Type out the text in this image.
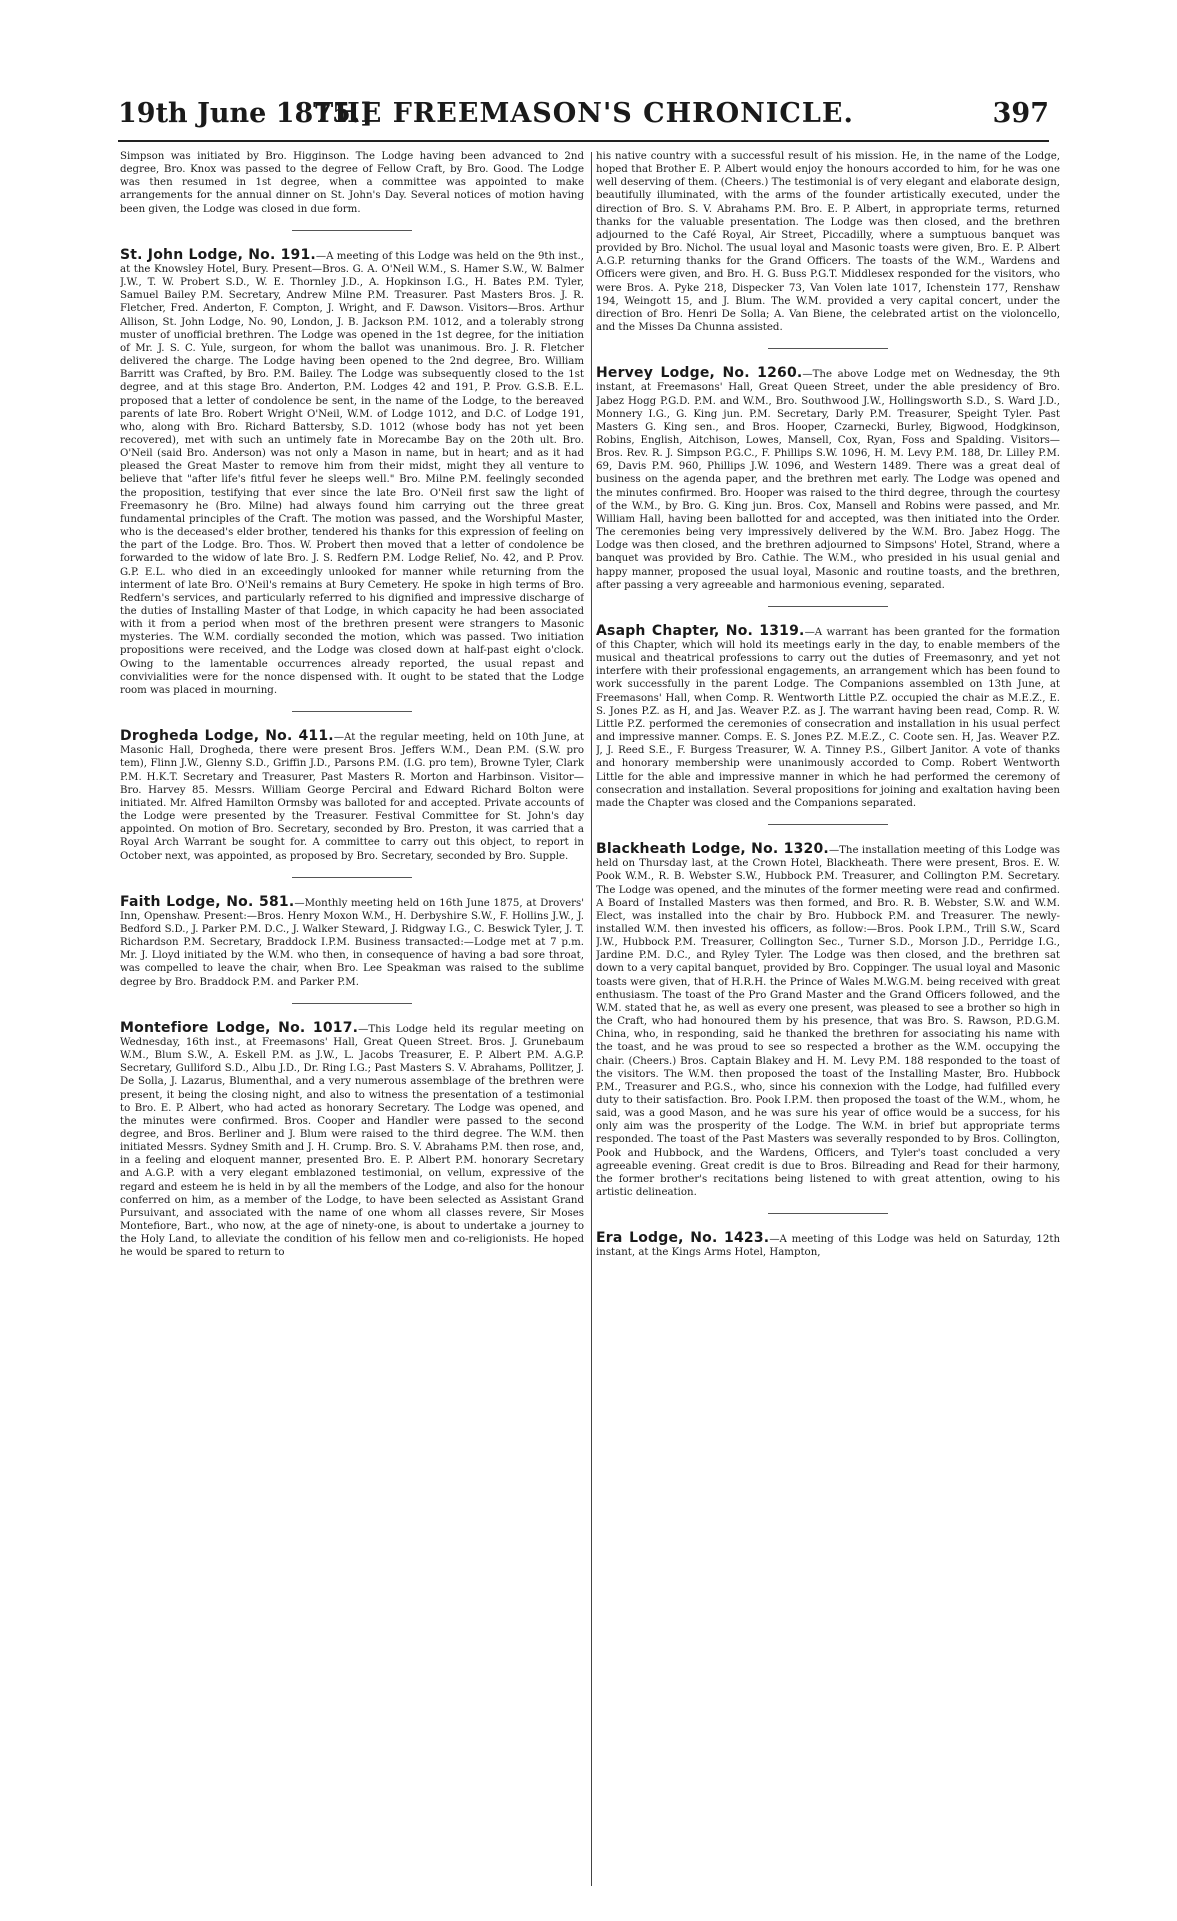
19th June 1875.]
THE FREEMASON'S CHRONICLE.	397

Simpson was initiated by Bro. Higginson. The Lodge having been advanced to 2nd degree, Bro. Knox was passed to the degree of Fellow Craft, by Bro. Good. The Lodge was then resumed in 1st degree, when a committee was appointed to make arrangements for the annual dinner on St. John's Day. Several notices of motion having been given, the Lodge was closed in due form.

St. John Lodge, No. 191.—A meeting of this Lodge was held on the 9th inst., at the Knowsley Hotel, Bury. Present—Bros. G. A. O'Neil W.M., S. Hamer S.W., W. Balmer J.W., T. W. Probert S.D., W. E. Thornley J.D., A. Hopkinson I.G., H. Bates P.M. Tyler, Samuel Bailey P.M. Secretary, Andrew Milne P.M. Treasurer. Past Masters Bros. J. R. Fletcher, Fred. Anderton, F. Compton, J. Wright, and F. Dawson. Visitors—Bros. Arthur Allison, St. John Lodge, No. 90, London, J. B. Jackson P.M. 1012, and a tolerably strong muster of unofficial brethren. The Lodge was opened in the 1st degree, for the initiation of Mr. J. S. C. Yule, surgeon, for whom the ballot was unanimous. Bro. J. R. Fletcher delivered the charge. The Lodge having been opened to the 2nd degree, Bro. William Barritt was Crafted, by Bro. P.M. Bailey. The Lodge was subsequently closed to the 1st degree, and at this stage Bro. Anderton, P.M. Lodges 42 and 191, P. Prov. G.S.B. E.L. proposed that a letter of condolence be sent, in the name of the Lodge, to the bereaved parents of late Bro. Robert Wright O'Neil, W.M. of Lodge 1012, and D.C. of Lodge 191, who, along with Bro. Richard Battersby, S.D. 1012 (whose body has not yet been recovered), met with such an untimely fate in Morecambe Bay on the 20th ult. Bro. O'Neil (said Bro. Anderson) was not only a Mason in name, but in heart; and as it had pleased the Great Master to remove him from their midst, might they all venture to believe that "after life's fitful fever he sleeps well." Bro. Milne P.M. feelingly seconded the proposition, testifying that ever since the late Bro. O'Neil first saw the light of Freemasonry he (Bro. Milne) had always found him carrying out the three great fundamental principles of the Craft. The motion was passed, and the Worshipful Master, who is the deceased's elder brother, tendered his thanks for this expression of feeling on the part of the Lodge. Bro. Thos. W. Probert then moved that a letter of condolence be forwarded to the widow of late Bro. J. S. Redfern P.M. Lodge Relief, No. 42, and P. Prov. G.P. E.L. who died in an exceedingly unlooked for manner while returning from the interment of late Bro. O'Neil's remains at Bury Cemetery. He spoke in high terms of Bro. Redfern's services, and particularly referred to his dignified and impressive discharge of the duties of Installing Master of that Lodge, in which capacity he had been associated with it from a period when most of the brethren present were strangers to Masonic mysteries. The W.M. cordially seconded the motion, which was passed. Two initiation propositions were received, and the Lodge was closed down at half-past eight o'clock. Owing to the lamentable occurrences already reported, the usual repast and convivialities were for the nonce dispensed with. It ought to be stated that the Lodge room was placed in mourning.

Drogheda Lodge, No. 411.—At the regular meeting, held on 10th June, at Masonic Hall, Drogheda, there were present Bros. Jeffers W.M., Dean P.M. (S.W. pro tem), Flinn J.W., Glenny S.D., Griffin J.D., Parsons P.M. (I.G. pro tem), Browne Tyler, Clark P.M. H.K.T. Secretary and Treasurer, Past Masters R. Morton and Harbinson. Visitor—Bro. Harvey 85. Messrs. William George Perciral and Edward Richard Bolton were initiated. Mr. Alfred Hamilton Ormsby was balloted for and accepted. Private accounts of the Lodge were presented by the Treasurer. Festival Committee for St. John's day appointed. On motion of Bro. Secretary, seconded by Bro. Preston, it was carried that a Royal Arch Warrant be sought for. A committee to carry out this object, to report in October next, was appointed, as proposed by Bro. Secretary, seconded by Bro. Supple.

Faith Lodge, No. 581.—Monthly meeting held on 16th June 1875, at Drovers' Inn, Openshaw. Present:—Bros. Henry Moxon W.M., H. Derbyshire S.W., F. Hollins J.W., J. Bedford S.D., J. Parker P.M. D.C., J. Walker Steward, J. Ridgway I.G., C. Beswick Tyler, J. T. Richardson P.M. Secretary, Braddock I.P.M. Business transacted:—Lodge met at 7 p.m. Mr. J. Lloyd initiated by the W.M. who then, in consequence of having a bad sore throat, was compelled to leave the chair, when Bro. Lee Speakman was raised to the sublime degree by Bro. Braddock P.M. and Parker P.M.

Montefiore Lodge, No. 1017.—This Lodge held its regular meeting on Wednesday, 16th inst., at Freemasons' Hall, Great Queen Street. Bros. J. Grunebaum W.M., Blum S.W., A. Eskell P.M. as J.W., L. Jacobs Treasurer, E. P. Albert P.M. A.G.P. Secretary, Gulliford S.D., Albu J.D., Dr. Ring I.G.; Past Masters S. V. Abrahams, Pollitzer, J. De Solla, J. Lazarus, Blumenthal, and a very numerous assemblage of the brethren were present, it being the closing night, and also to witness the presentation of a testimonial to Bro. E. P. Albert, who had acted as honorary Secretary. The Lodge was opened, and the minutes were confirmed. Bros. Cooper and Handler were passed to the second degree, and Bros. Berliner and J. Blum were raised to the third degree. The W.M. then initiated Messrs. Sydney Smith and J. H. Crump. Bro. S. V. Abrahams P.M. then rose, and, in a feeling and eloquent manner, presented Bro. E. P. Albert P.M. honorary Secretary and A.G.P. with a very elegant emblazoned testimonial, on vellum, expressive of the regard and esteem he is held in by all the members of the Lodge, and also for the honour conferred on him, as a member of the Lodge, to have been selected as Assistant Grand Pursuivant, and associated with the name of one whom all classes revere, Sir Moses Montefiore, Bart., who now, at the age of ninety-one, is about to undertake a journey to the Holy Land, to alleviate the condition of his fellow men and co-religionists. He hoped he would be spared to return to

his native country with a successful result of his mission. He, in the name of the Lodge, hoped that Brother E. P. Albert would enjoy the honours accorded to him, for he was one well deserving of them. (Cheers.) The testimonial is of very elegant and elaborate design, beautifully illuminated, with the arms of the founder artistically executed, under the direction of Bro. S. V. Abrahams P.M. Bro. E. P. Albert, in appropriate terms, returned thanks for the valuable presentation. The Lodge was then closed, and the brethren adjourned to the Café Royal, Air Street, Piccadilly, where a sumptuous banquet was provided by Bro. Nichol. The usual loyal and Masonic toasts were given, Bro. E. P. Albert A.G.P. returning thanks for the Grand Officers. The toasts of the W.M., Wardens and Officers were given, and Bro. H. G. Buss P.G.T. Middlesex responded for the visitors, who were Bros. A. Pyke 218, Dispecker 73, Van Volen late 1017, Ichenstein 177, Renshaw 194, Weingott 15, and J. Blum. The W.M. provided a very capital concert, under the direction of Bro. Henri De Solla; A. Van Biene, the celebrated artist on the violoncello, and the Misses Da Chunna assisted.

Hervey Lodge, No. 1260.—The above Lodge met on Wednesday, the 9th instant, at Freemasons' Hall, Great Queen Street, under the able presidency of Bro. Jabez Hogg P.G.D. P.M. and W.M., Bro. Southwood J.W., Hollingsworth S.D., S. Ward J.D., Monnery I.G., G. King jun. P.M. Secretary, Darly P.M. Treasurer, Speight Tyler. Past Masters G. King sen., and Bros. Hooper, Czarnecki, Burley, Bigwood, Hodgkinson, Robins, English, Aitchison, Lowes, Mansell, Cox, Ryan, Foss and Spalding. Visitors—Bros. Rev. R. J. Simpson P.G.C., F. Phillips S.W. 1096, H. M. Levy P.M. 188, Dr. Lilley P.M. 69, Davis P.M. 960, Phillips J.W. 1096, and Western 1489. There was a great deal of business on the agenda paper, and the brethren met early. The Lodge was opened and the minutes confirmed. Bro. Hooper was raised to the third degree, through the courtesy of the W.M., by Bro. G. King jun. Bros. Cox, Mansell and Robins were passed, and Mr. William Hall, having been ballotted for and accepted, was then initiated into the Order. The ceremonies being very impressively delivered by the W.M. Bro. Jabez Hogg. The Lodge was then closed, and the brethren adjourned to Simpsons' Hotel, Strand, where a banquet was provided by Bro. Cathie. The W.M., who presided in his usual genial and happy manner, proposed the usual loyal, Masonic and routine toasts, and the brethren, after passing a very agreeable and harmonious evening, separated.

Asaph Chapter, No. 1319.—A warrant has been granted for the formation of this Chapter, which will hold its meetings early in the day, to enable members of the musical and theatrical professions to carry out the duties of Freemasonry, and yet not interfere with their professional engagements, an arrangement which has been found to work successfully in the parent Lodge. The Companions assembled on 13th June, at Freemasons' Hall, when Comp. R. Wentworth Little P.Z. occupied the chair as M.E.Z., E. S. Jones P.Z. as H, and Jas. Weaver P.Z. as J. The warrant having been read, Comp. R. W. Little P.Z. performed the ceremonies of consecration and installation in his usual perfect and impressive manner. Comps. E. S. Jones P.Z. M.E.Z., C. Coote sen. H, Jas. Weaver P.Z. J, J. Reed S.E., F. Burgess Treasurer, W. A. Tinney P.S., Gilbert Janitor. A vote of thanks and honorary membership were unanimously accorded to Comp. Robert Wentworth Little for the able and impressive manner in which he had performed the ceremony of consecration and installation. Several propositions for joining and exaltation having been made the Chapter was closed and the Companions separated.

Blackheath Lodge, No. 1320.—The installation meeting of this Lodge was held on Thursday last, at the Crown Hotel, Blackheath. There were present, Bros. E. W. Pook W.M., R. B. Webster S.W., Hubbock P.M. Treasurer, and Collington P.M. Secretary. The Lodge was opened, and the minutes of the former meeting were read and confirmed. A Board of Installed Masters was then formed, and Bro. R. B. Webster, S.W. and W.M. Elect, was installed into the chair by Bro. Hubbock P.M. and Treasurer. The newly-installed W.M. then invested his officers, as follow:—Bros. Pook I.P.M., Trill S.W., Scard J.W., Hubbock P.M. Treasurer, Collington Sec., Turner S.D., Morson J.D., Perridge I.G., Jardine P.M. D.C., and Ryley Tyler. The Lodge was then closed, and the brethren sat down to a very capital banquet, provided by Bro. Coppinger. The usual loyal and Masonic toasts were given, that of H.R.H. the Prince of Wales M.W.G.M. being received with great enthusiasm. The toast of the Pro Grand Master and the Grand Officers followed, and the W.M. stated that he, as well as every one present, was pleased to see a brother so high in the Craft, who had honoured them by his presence, that was Bro. S. Rawson, P.D.G.M. China, who, in responding, said he thanked the brethren for associating his name with the toast, and he was proud to see so respected a brother as the W.M. occupying the chair. (Cheers.) Bros. Captain Blakey and H. M. Levy P.M. 188 responded to the toast of the visitors. The W.M. then proposed the toast of the Installing Master, Bro. Hubbock P.M., Treasurer and P.G.S., who, since his connexion with the Lodge, had fulfilled every duty to their satisfaction. Bro. Pook I.P.M. then proposed the toast of the W.M., whom, he said, was a good Mason, and he was sure his year of office would be a success, for his only aim was the prosperity of the Lodge. The W.M. in brief but appropriate terms responded. The toast of the Past Masters was severally responded to by Bros. Collington, Pook and Hubbock, and the Wardens, Officers, and Tyler's toast concluded a very agreeable evening. Great credit is due to Bros. Bilreading and Read for their harmony, the former brother's recitations being listened to with great attention, owing to his artistic delineation.

Era Lodge, No. 1423.—A meeting of this Lodge was held on Saturday, 12th instant, at the Kings Arms Hotel, Hampton,
